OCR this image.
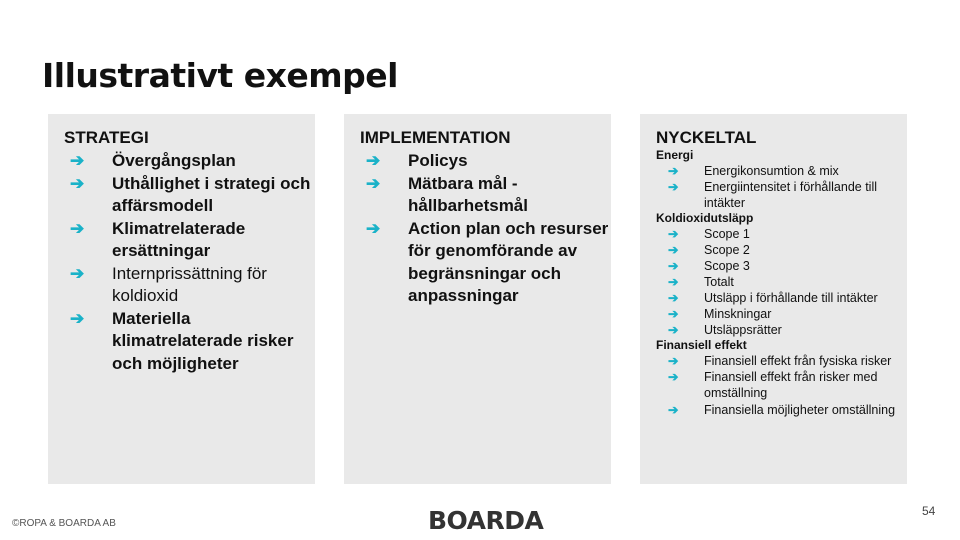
Illustrativt exempel
STRATEGI
➔ Övergångsplan
➔ Uthållighet i strategi och affärsmodell
➔ Klimatrelaterade ersättningar
➔ Internprissättning för koldioxid
➔ Materiella klimatrelaterade risker och möjligheter
IMPLEMENTATION
➔ Policys
➔ Mätbara mål - hållbarhetsmål
➔ Action plan och resurser för genomförande av begränsningar och anpassningar
NYCKELTAL
Energi
➔ Energikonsumtion & mix
➔ Energiintensitet i förhållande till intäkter
Koldioxidutsläpp
➔ Scope 1
➔ Scope 2
➔ Scope 3
➔ Totalt
➔ Utsläpp i förhållande till intäkter
➔ Minskningar
➔ Utsläppsrätter
Finansiell effekt
➔ Finansiell effekt från fysiska risker
➔ Finansiell effekt från risker med omställning
➔ Finansiella möjligheter omställning
©ROPA & BOARDA AB	BOARDA	54
